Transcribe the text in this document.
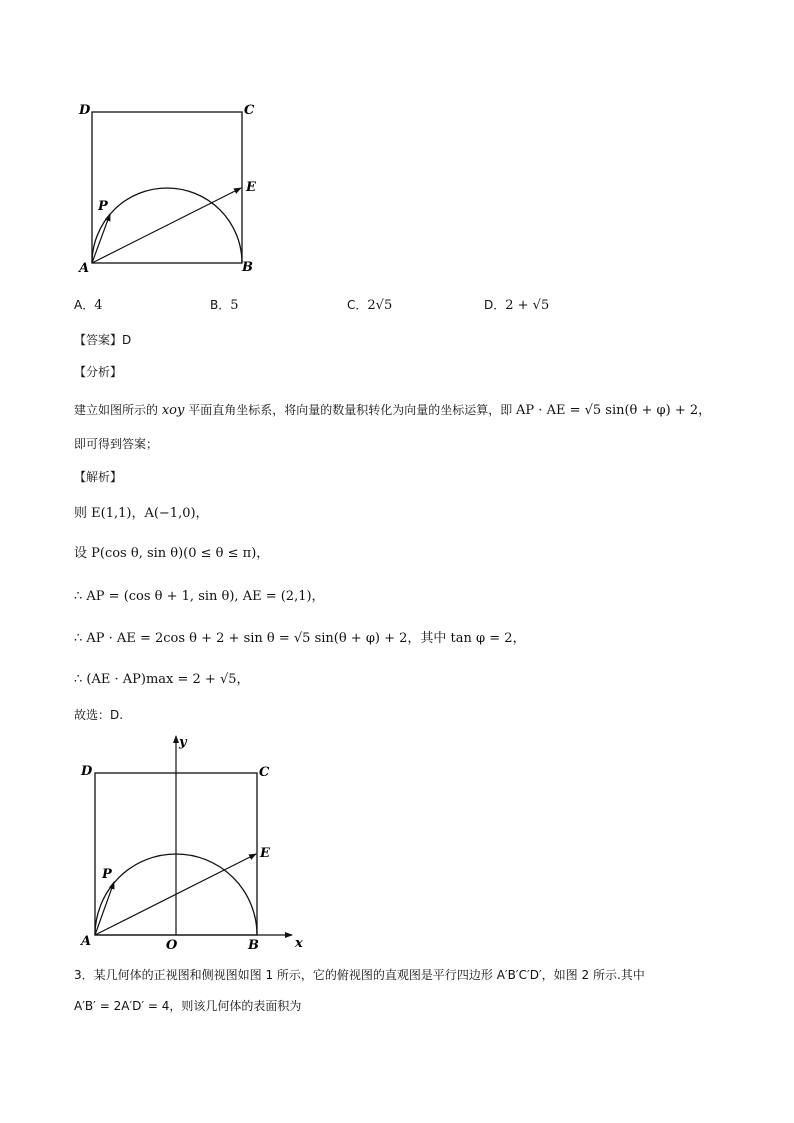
D	C
E
P
A	B
A．4	B．5	C．2√5	D．2 + √5
【答案】D
【分析】
建立如图所示的 xoy 平面直角坐标系，将向量的数量积转化为向量的坐标运算，即 AP · AE = √5 sin(θ + φ) + 2，
即可得到答案；
【解析】
则 E(1,1)，A(−1,0)，
设 P(cos θ, sin θ)(0 ≤ θ ≤ π)，
∴ AP = (cos θ + 1, sin θ), AE = (2,1)，
∴ AP · AE = 2cos θ + 2 + sin θ = √5 sin(θ + φ) + 2，其中 tan φ = 2，
∴ (AE · AP)max = 2 + √5，
故选：D.
y
D	C
E
P
A	O	B	x
3．某几何体的正视图和侧视图如图 1 所示，它的俯视图的直观图是平行四边形 A′B′C′D′，如图 2 所示.其中
A′B′ = 2A′D′ = 4，则该几何体的表面积为
